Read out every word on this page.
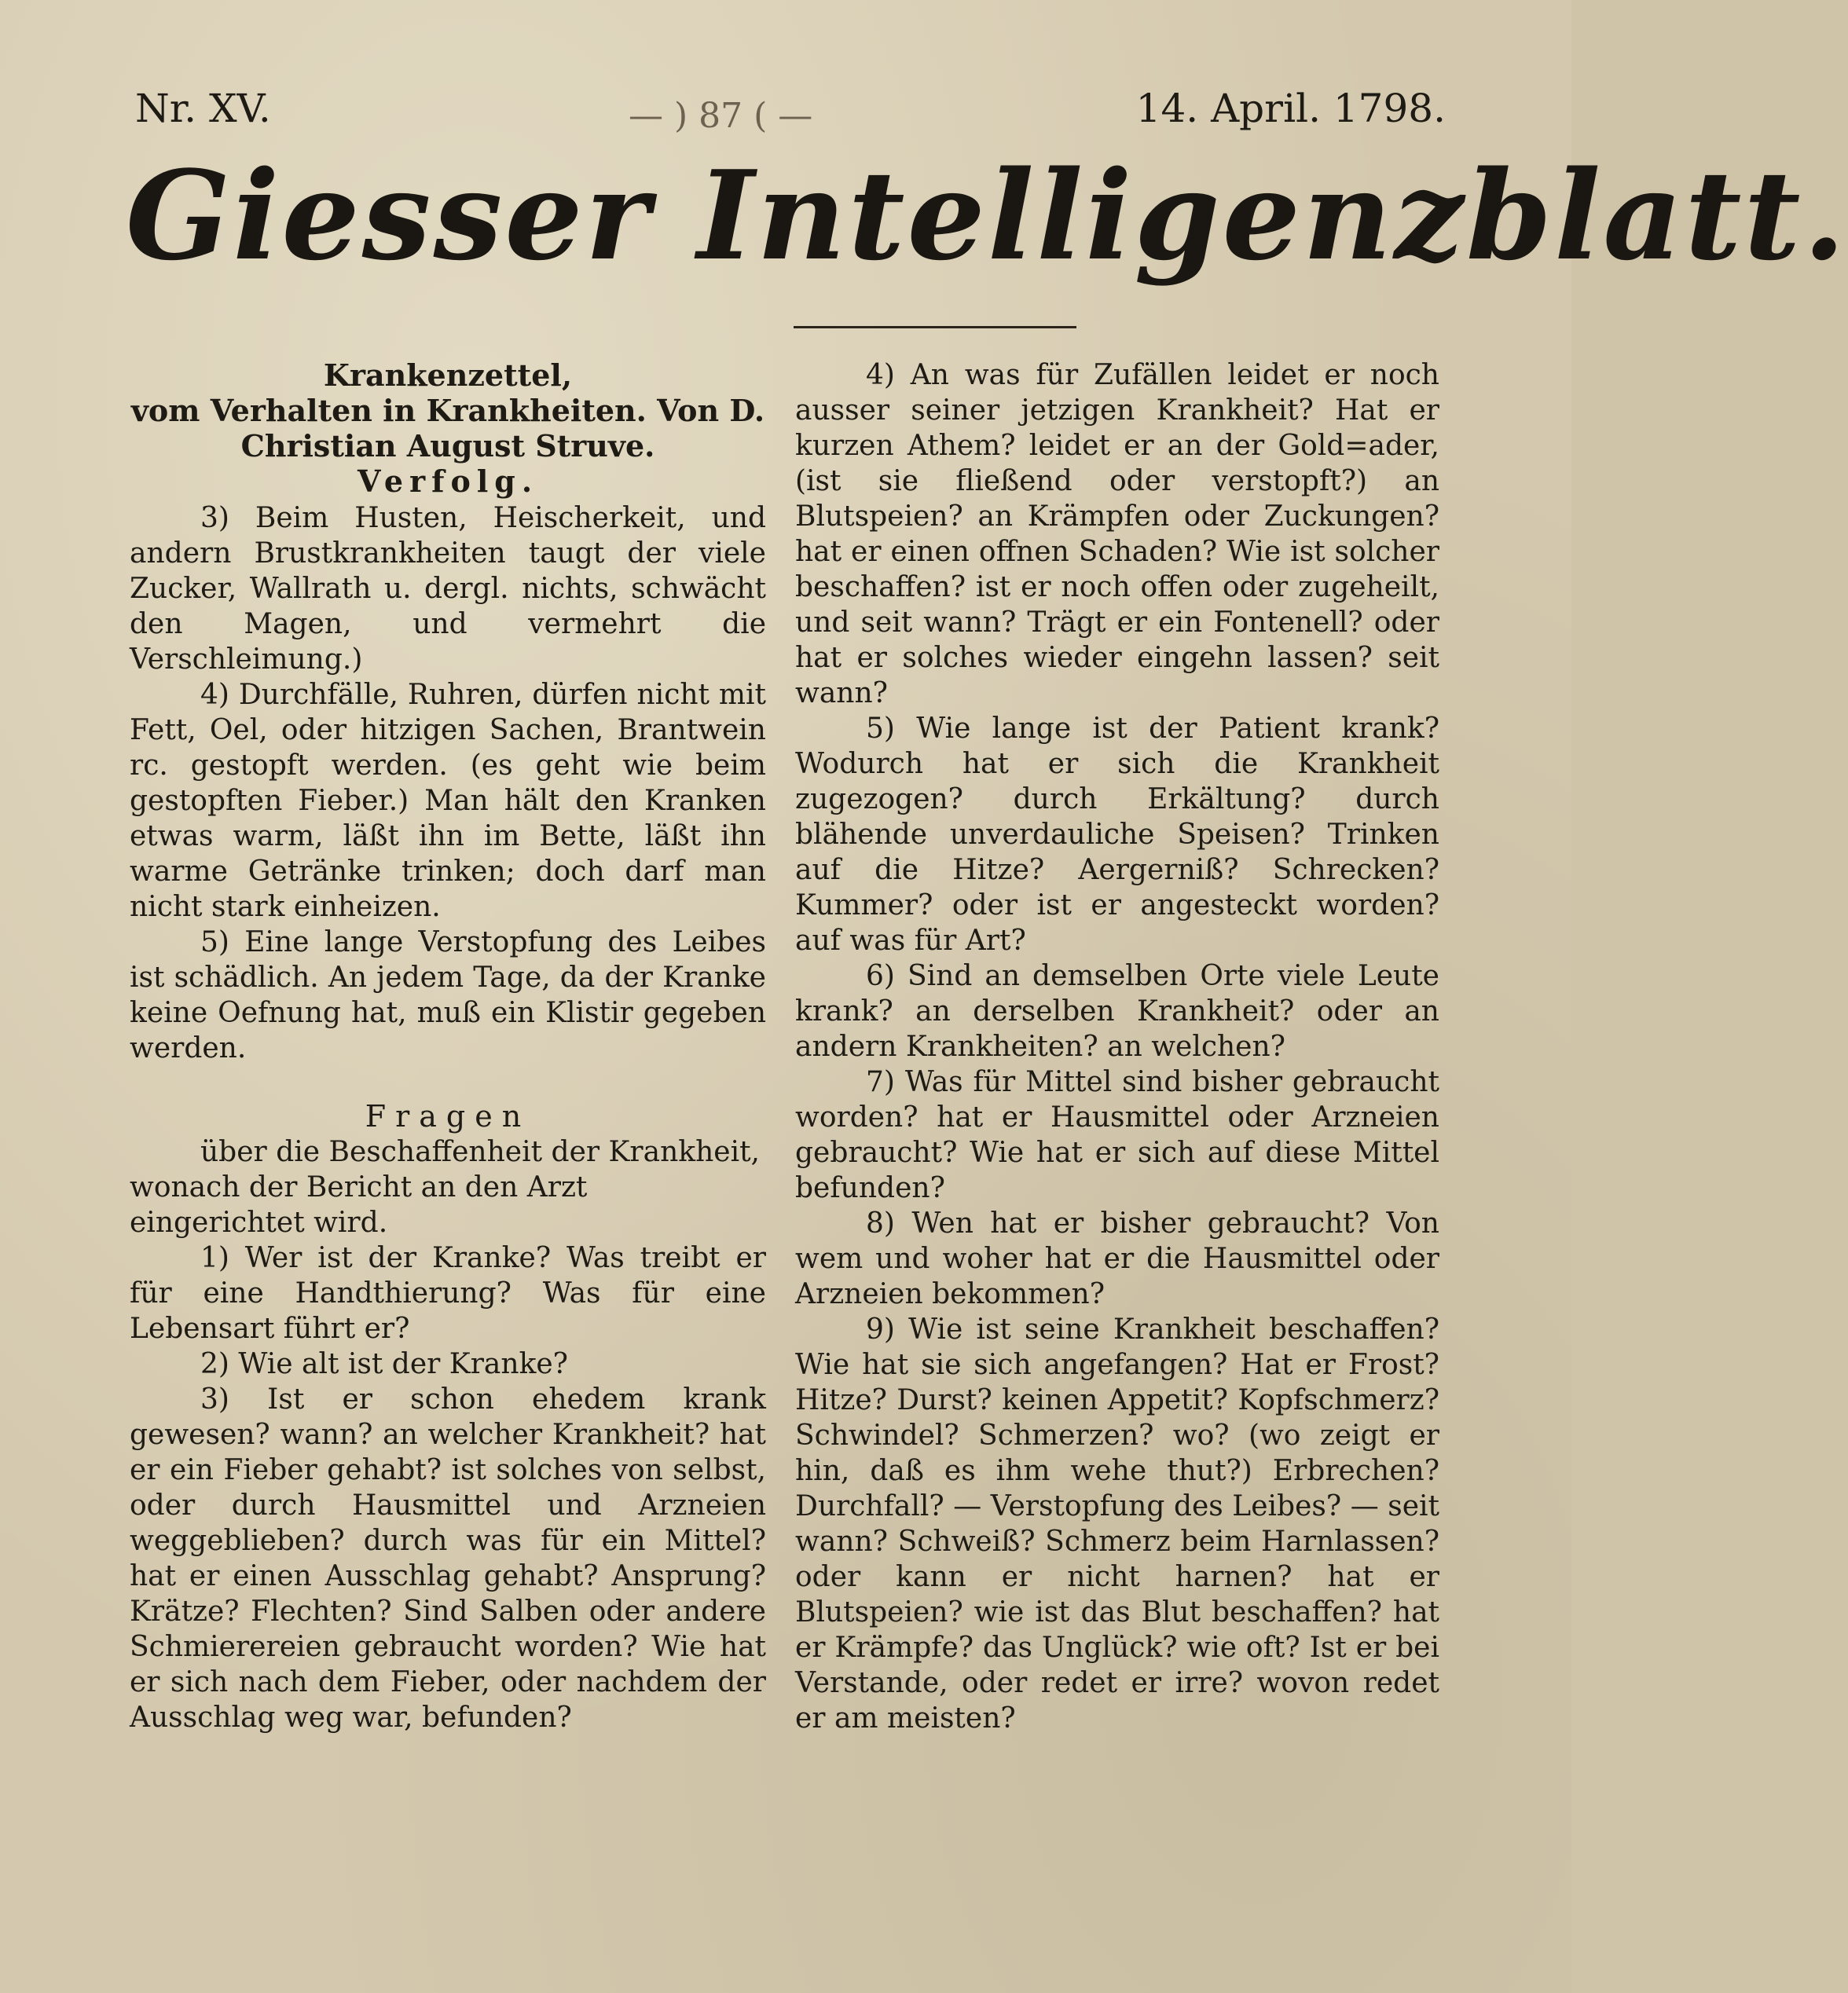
Nr. XV.	— ) 87 ( —	14. April. 1798.
Giesser Intelligenzblatt.

Krankenzettel,

vom Verhalten in Krankheiten. Von D. Christian August Struve.

Verfolg.

3) Beim Husten, Heischerkeit, und andern Brustkrankheiten taugt der viele Zucker, Wallrath u. dergl. nichts, schwächt den Magen, und vermehrt die Verschleimung.)

4) Durchfälle, Ruhren, dürfen nicht mit Fett, Oel, oder hitzigen Sachen, Brantwein rc. gestopft werden. (es geht wie beim gestopften Fieber.) Man hält den Kranken etwas warm, läßt ihn im Bette, läßt ihn warme Getränke trinken; doch darf man nicht stark einheizen.

5) Eine lange Verstopfung des Leibes ist schädlich. An jedem Tage, da der Kranke keine Oefnung hat, muß ein Klistir gegeben werden.

Fragen

über die Beschaffenheit der Krankheit, wonach der Bericht an den Arzt eingerichtet wird.

1) Wer ist der Kranke? Was treibt er für eine Handthierung? Was für eine Lebensart führt er?

2) Wie alt ist der Kranke?

3) Ist er schon ehedem krank gewesen? wann? an welcher Krankheit? hat er ein Fieber gehabt? ist solches von selbst, oder durch Hausmittel und Arzneien weggeblieben? durch was für ein Mittel? hat er einen Ausschlag gehabt? Ansprung? Krätze? Flechten? Sind Salben oder andere Schmierereien gebraucht worden? Wie hat er sich nach dem Fieber, oder nachdem der Ausschlag weg war, befunden?

4) An was für Zufällen leidet er noch ausser seiner jetzigen Krankheit? Hat er kurzen Athem? leidet er an der Gold=ader, (ist sie fließend oder verstopft?) an Blutspeien? an Krämpfen oder Zuckungen? hat er einen offnen Schaden? Wie ist solcher beschaffen? ist er noch offen oder zugeheilt, und seit wann? Trägt er ein Fontenell? oder hat er solches wieder eingehn lassen? seit wann?

5) Wie lange ist der Patient krank? Wodurch hat er sich die Krankheit zugezogen? durch Erkältung? durch blähende unverdauliche Speisen? Trinken auf die Hitze? Aergerniß? Schrecken? Kummer? oder ist er angesteckt worden? auf was für Art?

6) Sind an demselben Orte viele Leute krank? an derselben Krankheit? oder an andern Krankheiten? an welchen?

7) Was für Mittel sind bisher gebraucht worden? hat er Hausmittel oder Arzneien gebraucht? Wie hat er sich auf diese Mittel befunden?

8) Wen hat er bisher gebraucht? Von wem und woher hat er die Hausmittel oder Arzneien bekommen?

9) Wie ist seine Krankheit beschaffen? Wie hat sie sich angefangen? Hat er Frost? Hitze? Durst? keinen Appetit? Kopfschmerz? Schwindel? Schmerzen? wo? (wo zeigt er hin, daß es ihm wehe thut?) Erbrechen? Durchfall? — Verstopfung des Leibes? — seit wann? Schweiß? Schmerz beim Harnlassen? oder kann er nicht harnen? hat er Blutspeien? wie ist das Blut beschaffen? hat er Krämpfe? das Unglück? wie oft? Ist er bei Verstande, oder redet er irre? wovon redet er am meisten?
